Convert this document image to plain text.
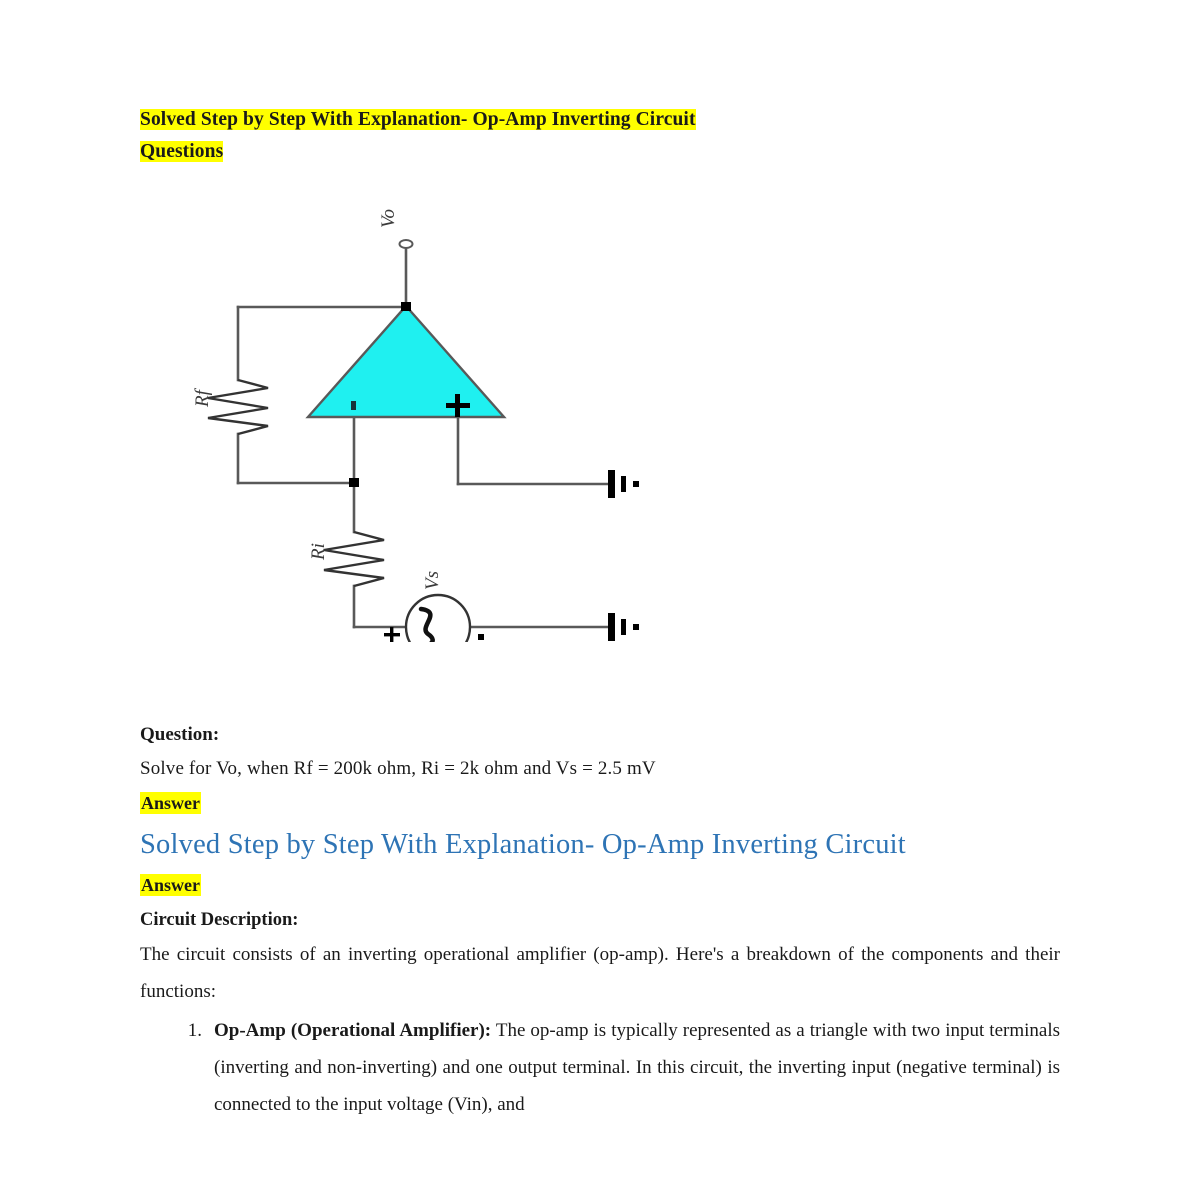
Solved Step by Step With Explanation- Op-Amp Inverting Circuit
Questions

Vo
Rf
Ri
Vs

Question:

Solve for Vo, when Rf = 200k ohm, Ri = 2k ohm and Vs = 2.5 mV

Answer

Solved Step by Step With Explanation- Op-Amp Inverting Circuit

Answer

Circuit Description:

The circuit consists of an inverting operational amplifier (op-amp). Here's a breakdown of the components and their functions:

Op-Amp (Operational Amplifier): The op-amp is typically represented as a triangle with two input terminals (inverting and non-inverting) and one output terminal. In this circuit, the inverting input (negative terminal) is connected to the input voltage (Vin), and
